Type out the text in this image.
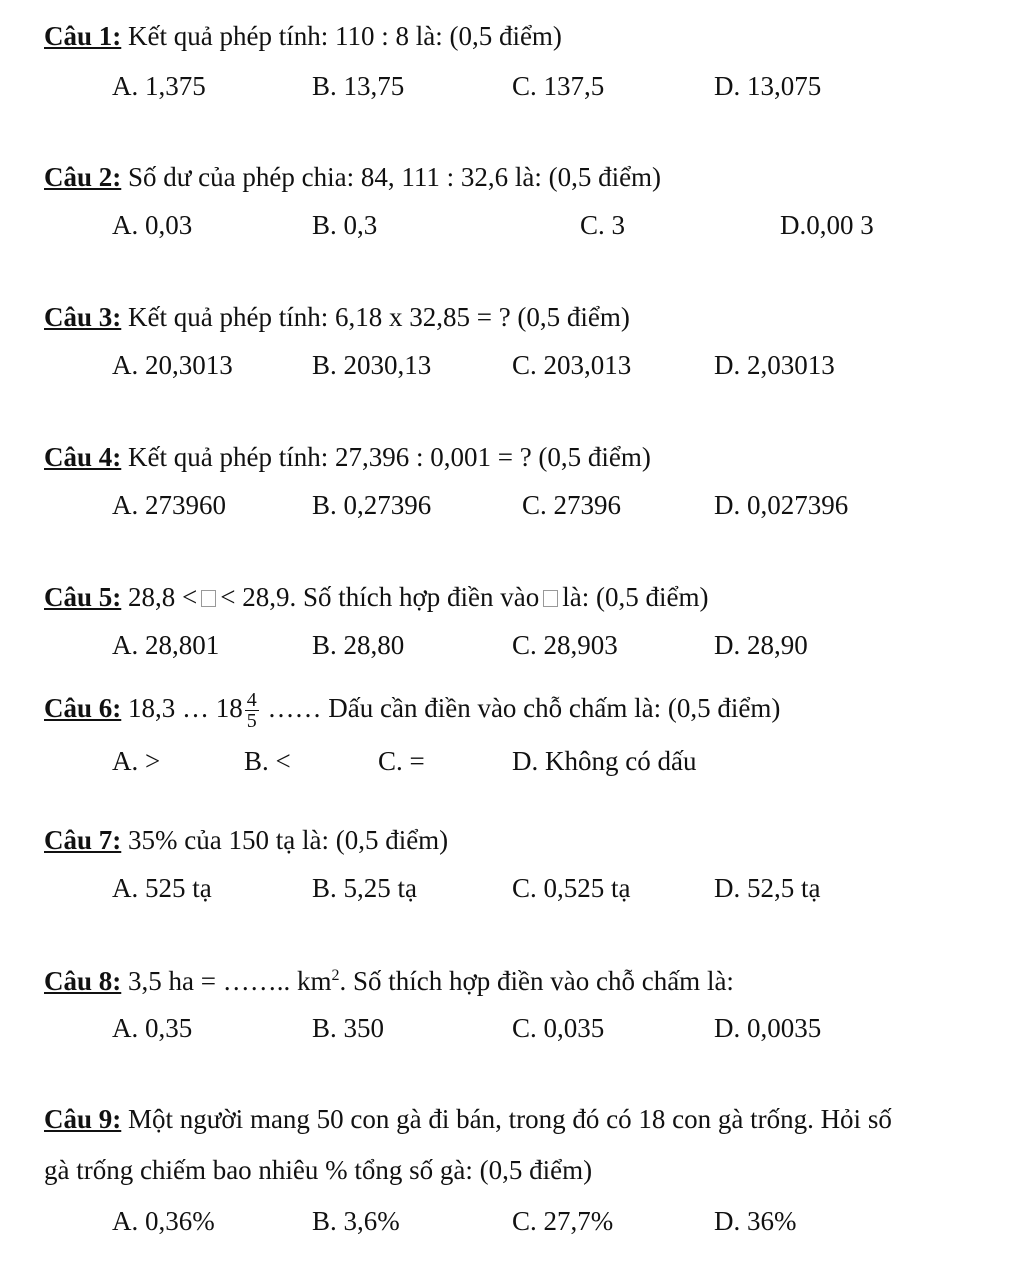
Câu 1: Kết quả phép tính: 110 : 8 là: (0,5 điểm)
A. 1,375	B. 13,75	C. 137,5	D. 13,075
Câu 2: Số dư của phép chia: 84, 111 : 32,6 là: (0,5 điểm)
A. 0,03	B. 0,3	C. 3	D.0,00 3
Câu 3: Kết quả phép tính: 6,18 x 32,85 = ? (0,5 điểm)
A. 20,3013	B. 2030,13	C. 203,013	D. 2,03013
Câu 4: Kết quả phép tính: 27,396 : 0,001 = ? (0,5 điểm)
A. 273960	B. 0,27396	C. 27396	D. 0,027396
Câu 5: 28,8 < < 28,9. Số thích hợp điền vào là: (0,5 điểm)
A. 28,801	B. 28,80	C. 28,903	D. 28,90
Câu 6: 18,3 … $18 \frac{4}{5}$ …… Dấu cần điền vào chỗ chấm là: (0,5 điểm)
A. >	B. <	C. =	D. Không có dấu
Câu 7: 35% của 150 tạ là: (0,5 điểm)
A. 525 tạ	B. 5,25 tạ	C. 0,525 tạ	D. 52,5 tạ
Câu 8: 3,5 ha = …….. $km^2$. Số thích hợp điền vào chỗ chấm là:
A. 0,35	B. 350	C. 0,035	D. 0,0035
Câu 9: Một người mang 50 con gà đi bán, trong đó có 18 con gà trống. Hỏi số
gà trống chiếm bao nhiêu % tổng số gà: (0,5 điểm)
A. 0,36%	B. 3,6%	C. 27,7%	D. 36%
